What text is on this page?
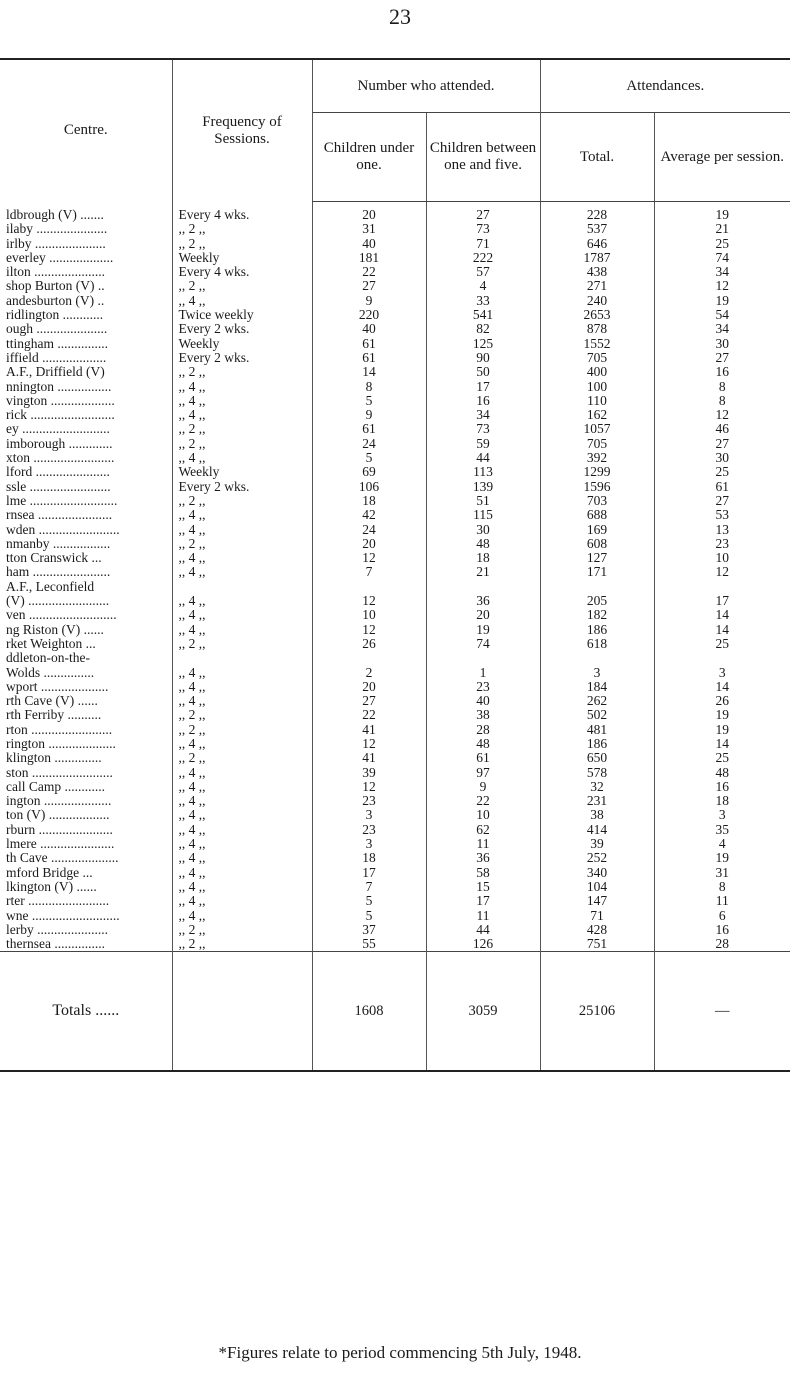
23
Centre.	Frequency of Sessions.	Number who attended.		Attendances.	
		Children under one.	Children between one and five.	Total.	Average per session.
ldbrough (V) .......	Every 4 wks.	20	27	228	19
ilaby .....................	,, 2 ,,	31	73	537	21
irlby .....................	,, 2 ,,	40	71	646	25
everley ...................	Weekly	181	222	1787	74
ilton .....................	Every 4 wks.	22	57	438	34
shop Burton (V) ..	,, 2 ,,	27	4	271	12
andesburton (V) ..	,, 4 ,,	9	33	240	19
ridlington ............	Twice weekly	220	541	2653	54
ough .....................	Every 2 wks.	40	82	878	34
ttingham ...............	Weekly	61	125	1552	30
iffield ...................	Every 2 wks.	61	90	705	27
A.F., Driffield (V)	,, 2 ,,	14	50	400	16
nnington ................	,, 4 ,,	8	17	100	8
vington ...................	,, 4 ,,	5	16	110	8
rick .........................	,, 4 ,,	9	34	162	12
ey ..........................	,, 2 ,,	61	73	1057	46
imborough .............	,, 2 ,,	24	59	705	27
xton ........................	,, 4 ,,	5	44	392	30
lford ......................	Weekly	69	113	1299	25
ssle ........................	Every 2 wks.	106	139	1596	61
lme ..........................	,, 2 ,,	18	51	703	27
rnsea ......................	,, 4 ,,	42	115	688	53
wden ........................	,, 4 ,,	24	30	169	13
nmanby .................	,, 2 ,,	20	48	608	23
tton Cranswick ...	,, 4 ,,	12	18	127	10
ham .......................	,, 4 ,,	7	21	171	12
A.F., Leconfield					
(V) ........................	,, 4 ,,	12	36	205	17
ven ..........................	,, 4 ,,	10	20	182	14
ng Riston (V) ......	,, 4 ,,	12	19	186	14
rket Weighton ...	,, 2 ,,	26	74	618	25
ddleton-on-the-					
Wolds ...............	,, 4 ,,	2	1	3	3
wport ....................	,, 4 ,,	20	23	184	14
rth Cave (V) ......	,, 4 ,,	27	40	262	26
rth Ferriby ..........	,, 2 ,,	22	38	502	19
rton ........................	,, 2 ,,	41	28	481	19
rington ....................	,, 4 ,,	12	48	186	14
klington ..............	,, 2 ,,	41	61	650	25
ston ........................	,, 4 ,,	39	97	578	48
call Camp ............	,, 4 ,,	12	9	32	16
ington ....................	,, 4 ,,	23	22	231	18
ton (V) ..................	,, 4 ,,	3	10	38	3
rburn ......................	,, 4 ,,	23	62	414	35
lmere ......................	,, 4 ,,	3	11	39	4
th Cave ....................	,, 4 ,,	18	36	252	19
mford Bridge ...	,, 4 ,,	17	58	340	31
lkington (V) ......	,, 4 ,,	7	15	104	8
rter ........................	,, 4 ,,	5	17	147	11
wne ..........................	,, 4 ,,	5	11	71	6
lerby .....................	,, 2 ,,	37	44	428	16
thernsea ...............	,, 2 ,,	55	126	751	28
Totals ......		1608	3059	25106	—
*Figures relate to period commencing 5th July, 1948.
